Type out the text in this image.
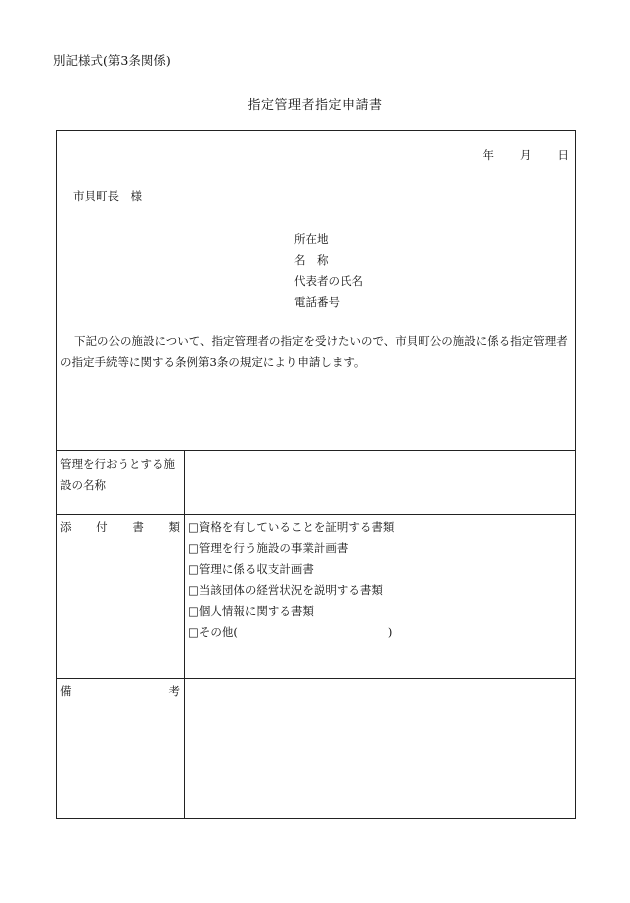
別記様式(第3条関係)
指定管理者指定申請書
年 月 日
市貝町長　様
所在地
名　称
代表者の氏名
電話番号
下記の公の施設について、指定管理者の指定を受けたいので、市貝町公の施設に係る指定管理者
の指定手続等に関する条例第3条の規定により申請します。
管理を行おうとする施
設の名称
添 付 書 類 □資格を有していることを証明する書類
□管理を行う施設の事業計画書
□管理に係る収支計画書
□当該団体の経営状況を説明する書類
□個人情報に関する書類
□その他(	)
備	考
